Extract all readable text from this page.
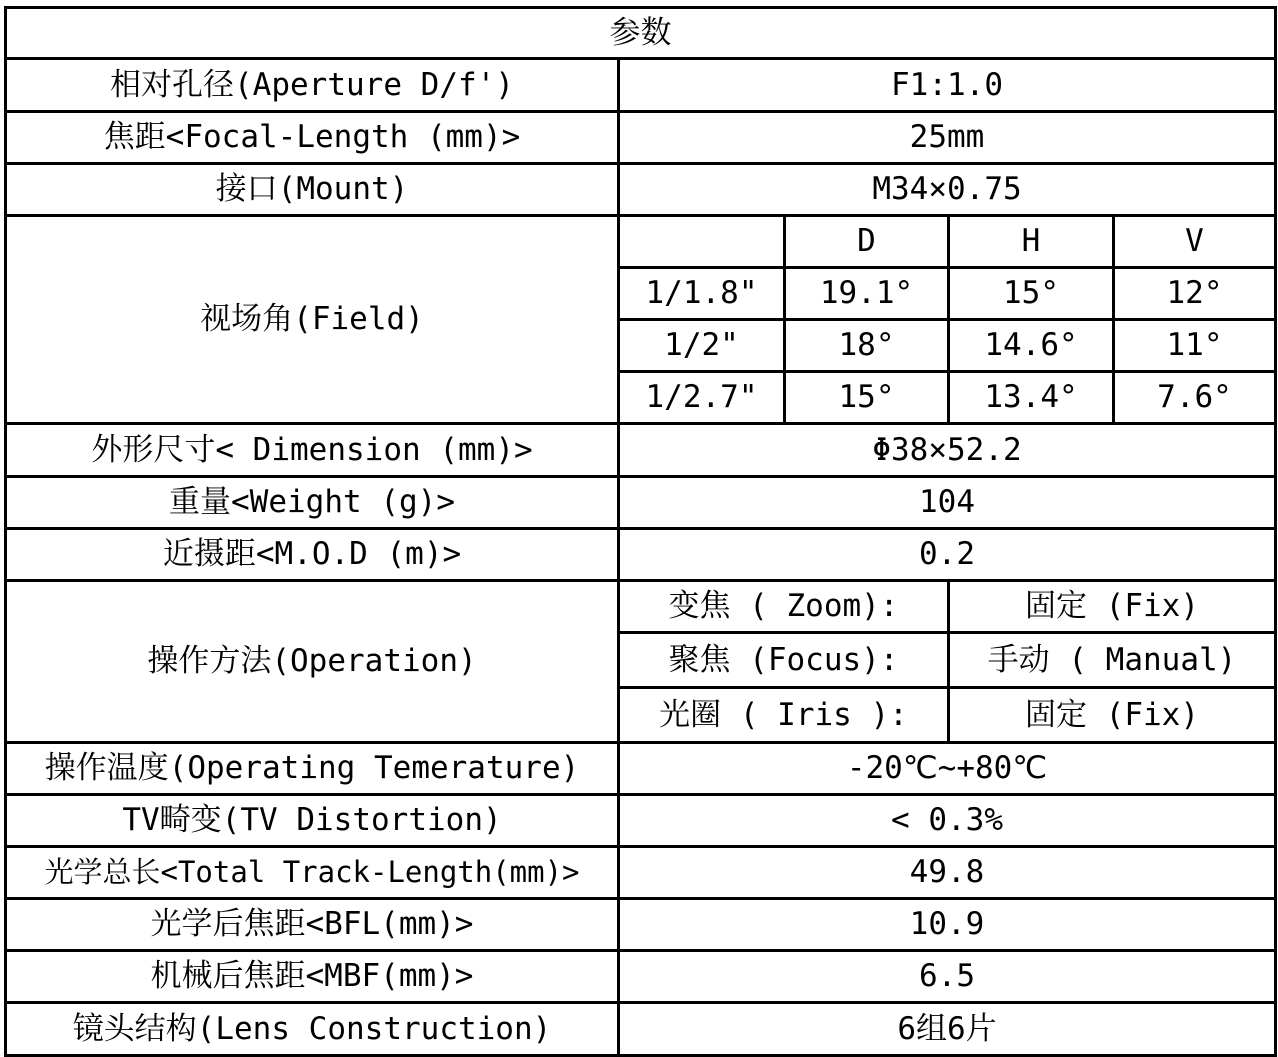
参数				
相对孔径(Aperture D/f')	F1:1.0			
焦距<Focal-Length (mm)>	25mm			
接口(Mount)	M34×0.75			
视场角(Field)		D	H	V
	1/1.8"	19.1°	15°	12°
	1/2"	18°	14.6°	11°
	1/2.7"	15°	13.4°	7.6°
外形尺寸< Dimension (mm)>	Φ38×52.2			
重量<Weight (g)>	104			
近摄距<M.O.D (m)>	0.2			
操作方法(Operation)	变焦 ( Zoom):		固定 (Fix)	
	聚焦 (Focus):		手动 ( Manual)	
	光圈 ( Iris ):		固定 (Fix)	
操作温度(Operating Temerature)	-20℃~+80℃			
TV畸变(TV Distortion)	< 0.3%			
光学总长<Total Track-Length(mm)>	49.8			
光学后焦距<BFL(mm)>	10.9			
机械后焦距<MBF(mm)>	6.5			
镜头结构(Lens Construction)	6组6片			
